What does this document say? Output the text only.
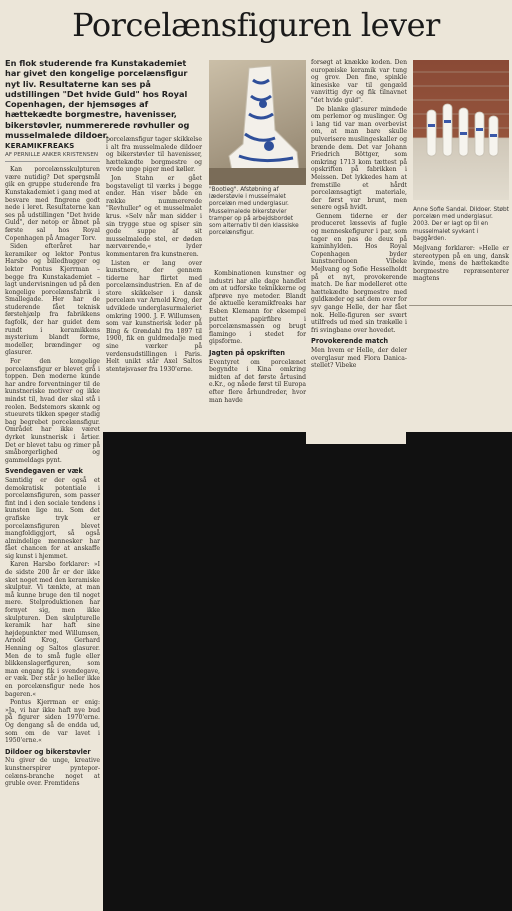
Porcelænsfiguren lever
En flok studerende fra Kunstakademiet har givet den kongelige porcelænsfigur nyt liv. Resultaterne kan ses på udstillingen "Det hvide Guld" hos Royal Copenhagen, der hjemsøges af hættekædte borgmestre, havenisser, bikerstøvler, nummererede røvhuller og musselmalede dildoer.
"Bootleg". Afstøbning af læderstøvle i musselmalet porcelæn med underglasur. Musselmalede bikerstøvler tramper op på arbejdsbordet som alternativ til den klassiske porcelænsfigur.
Anne Sofie Sandal. Dildoer. Støbt porcelæn med underglasur. 2003. Der er lagt op til en musselmalet syvkant i baggården.
KERAMIKFREAKS
AF PERNILLE ANKER KRISTENSEN

Kan porcelænsskulpturen være nutidig? Det spørgsmål gik en gruppe studerende fra Kunstakademiet i gang med at besvare med fingrene godt nede i leret. Resultaterne kan ses på udstillingen "Det hvide Guld", der netop er åbnet på første sal hos Royal Copenhagen på Amager Torv.

Siden efteråret har keramiker og lektor Pontus Harsbo og billedhugger og lektor Pontus Kjerrman – begge fra Kunstakademiet – lagt undervisningen ud på den kongelige porcelænsfabrik i Smallegade. Her har de studerende fået teknisk førstehjælp fra fabrikkens fagfolk, der har guidet dem rundt i keramikkens mysterium blandt forme, modeller, brændinger og glasurer.

For den kongelige porcelænsfigur er blevet grå i toppen. Den moderne kunde har andre forventninger til de kunstneriske motiver og ikke mindst til, hvad der skal stå i reolen. Bedstemors skænk og stueurets tikken spøger stadig bag begrebet porcelænsfigur. Området har ikke været dyrket kunstnerisk i årtier. Det er blevet tabu og rimer på småborgerlighed og gammeldags pynt.

Svendegaven er væk

Samtidig er der også et demokratisk potentiale i porcelænsfiguren, som passer fint ind i den sociale tendens i kunsten lige nu. Som det grafiske tryk er porcelænsfiguren blevet mangfoldiggjort, så også almindelige mennesker har fået chancen for at anskaffe sig kunst i hjemmet.

Karen Harsbo forklarer: »I de sidste 200 år er der ikke sket noget med den keramiske skulptur. Vi tænkte, at man må kunne bruge den til noget mere. Stelproduktionen har fornyet sig, men ikke skulpturen. Den skulpturelle keramik har haft sine højdepunkter med Willumsen, Arnold Krog, Gerhard Henning og Saltos glasurer. Men de to små fugle eller blikkenslagerfiguren, som man engang fik i svendegave, er væk. Der står jo heller ikke en porcelænsfigur nede hos bageren.«

Pontus Kjerrman er enig: »Ja, vi har ikke haft nye bud på figurer siden 1970'erne. Og dengang så de endda ud, som om de var lavet i 1950'erne.«

Dildoer og bikerstøvler

Nu giver de unge, kreative kunstnerspirer pynteporcelæns-branche noget at gruble over. Fremtidens

porcelænsfigur tager skikkelse i alt fra musselmalede dildoer og bikerstøvler til havenisser, hættekædte borgmestre og vrede unge piger med køller.

Jon Stahn er gået bogstaveligt til værks i begge ender. Han viser både en række nummererede "Revhuller" og et musselmalet krus. »Selv når man sidder i sin trygge stue og spiser sin gode suppe af sit musselmalede stel, er døden nærværende,« lyder kommentaren fra kunstneren.

Listen er lang over kunstnere, der gennem tiderne har flirtet med porcelænsindustrien. En af de store skikkelser i dansk porcelæn var Arnold Krog, der udviklede underglasurmaleriet omkring 1900. J. F. Willumsen, som var kunstnerisk leder på Bing & Grøndahl fra 1897 til 1900, fik en guldmedalje med sine værker på verdensudstillingen i Paris. Helt unikt står Axel Saltos stentøjsvaser fra 1930'erne.

Kombinationen kunstner og industri har alle dage handlet om at udforske teknikkerne og afprøve nye metoder. Blandt de aktuelle keramikfreaks har Esben Klemann for eksempel puttet papirfibre i porcelænsmassen og brugt flamingo i stedet for gipsforme.

Jagten på opskriften

Eventyret om porcelænet begyndte i Kina omkring midten af det første årtusind e.Kr., og nåede først til Europa efter flere århundreder, hvor man havde

forsøgt at knække koden. Den europæiske keramik var tung og grov. Den fine, spinkle kinesiske var til gengæld vanvittig dyr og fik tilnavnet "det hvide guld".

De blanke glasurer mindede om perlemor og muslinger. Og i lang tid var man overbevist om, at man bare skulle pulverisere muslingeskaller og brænde dem. Det var Johann Friedrich Böttger, som omkring 1713 kom tættest på opskriften på fabrikken i Meissen. Det lykkedes ham at fremstille et hårdt porcelænsagtigt materiale, der først var brunt, men senere også hvidt.

Gennem tiderne er der produceret læssevis af fugle og menneskefigurer i par, som tager en pas de deux på kaminhylden. Hos Royal Copenhagen byder kunstnerduoen Vibeke Mejlvang og Sofie Hesselholdt på et nyt, provokerende match. De har modelleret otte hættekædte borgmestre med guldkæder og sat dem over for syv gange Helle, der har fået nok. Helle-figuren ser svært utilfreds ud med sin trækølle i fri svingbane over hovedet.

Provokerende match

Men hvem er Helle, der deler overglasur med Flora Danica-stellet? Vibeke

Mejlvang forklarer: »Helle er stereotypen på en ung, dansk kvinde, mens de hættekædte borgmestre repræsenterer magtens
